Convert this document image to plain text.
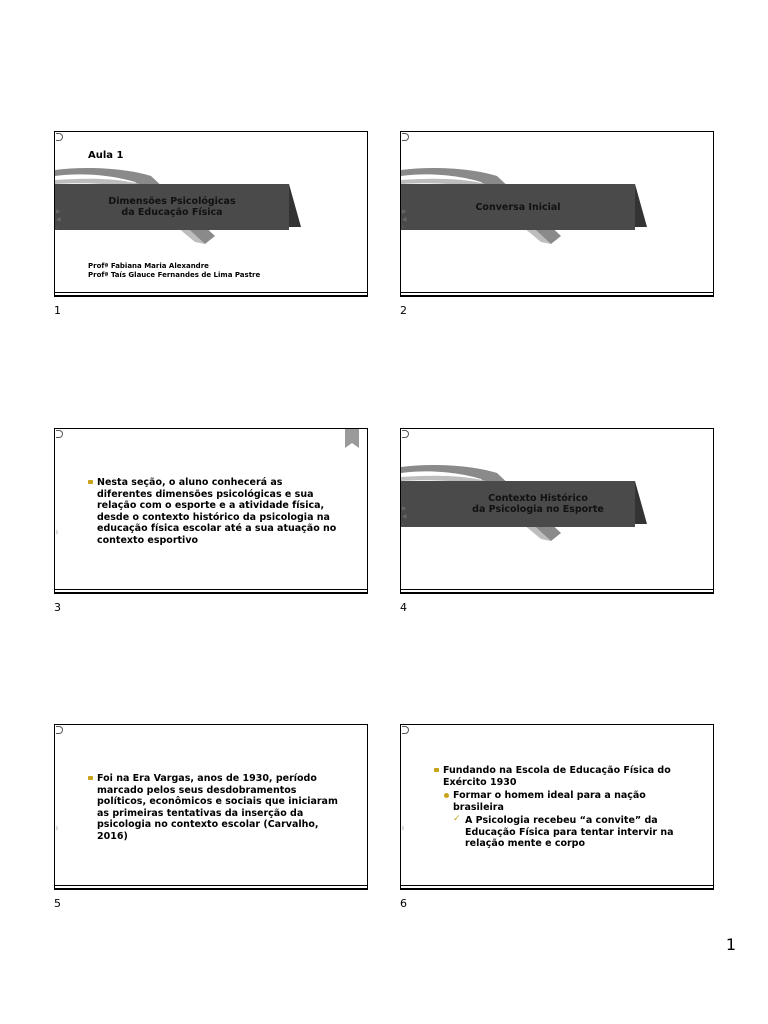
▶
◀
⁞
Aula 1
Dimensões Psicológicas
da Educação Física
Profª Fabiana Maria Alexandre
Profª Taís Glauce Fernandes de Lima Pastre
1
▶
◀
⁞
Conversa Inicial
2
⁞
Nesta seção, o aluno conhecerá as diferentes dimensões psicológicas e sua relação com o esporte e a atividade física, desde o contexto histórico da psicologia na educação física escolar até a sua atuação no contexto esportivo
3
▶
◀
⁞
Contexto Histórico
da Psicologia no Esporte
4
⁞
Foi na Era Vargas, anos de 1930, período marcado pelos seus desdobramentos políticos, econômicos e sociais que iniciaram as primeiras tentativas da inserção da psicologia no contexto escolar (Carvalho, 2016)
5
⁞
Fundando na Escola de Educação Física do Exército 1930
Formar o homem ideal para a nação brasileira
✓ A Psicologia recebeu “a convite” da Educação Física para tentar intervir na relação mente e corpo
6
1
